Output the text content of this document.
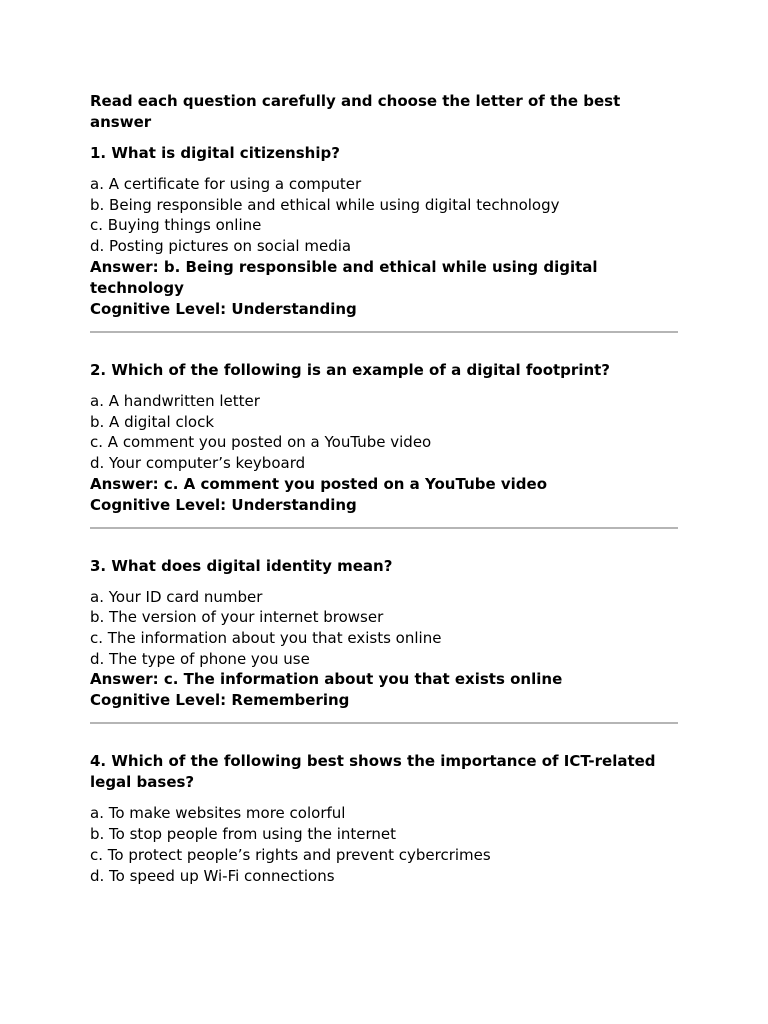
Read each question carefully and choose the letter of the best answer

1. What is digital citizenship?

a. A certificate for using a computer
b. Being responsible and ethical while using digital technology
c. Buying things online
d. Posting pictures on social media

Answer: b. Being responsible and ethical while using digital technology

Cognitive Level: Understanding

2. Which of the following is an example of a digital footprint?

a. A handwritten letter
b. A digital clock
c. A comment you posted on a YouTube video
d. Your computer’s keyboard

Answer: c. A comment you posted on a YouTube video

Cognitive Level: Understanding

3. What does digital identity mean?

a. Your ID card number
b. The version of your internet browser
c. The information about you that exists online
d. The type of phone you use

Answer: c. The information about you that exists online

Cognitive Level: Remembering

4. Which of the following best shows the importance of ICT-related legal bases?

a. To make websites more colorful
b. To stop people from using the internet
c. To protect people’s rights and prevent cybercrimes
d. To speed up Wi-Fi connections
